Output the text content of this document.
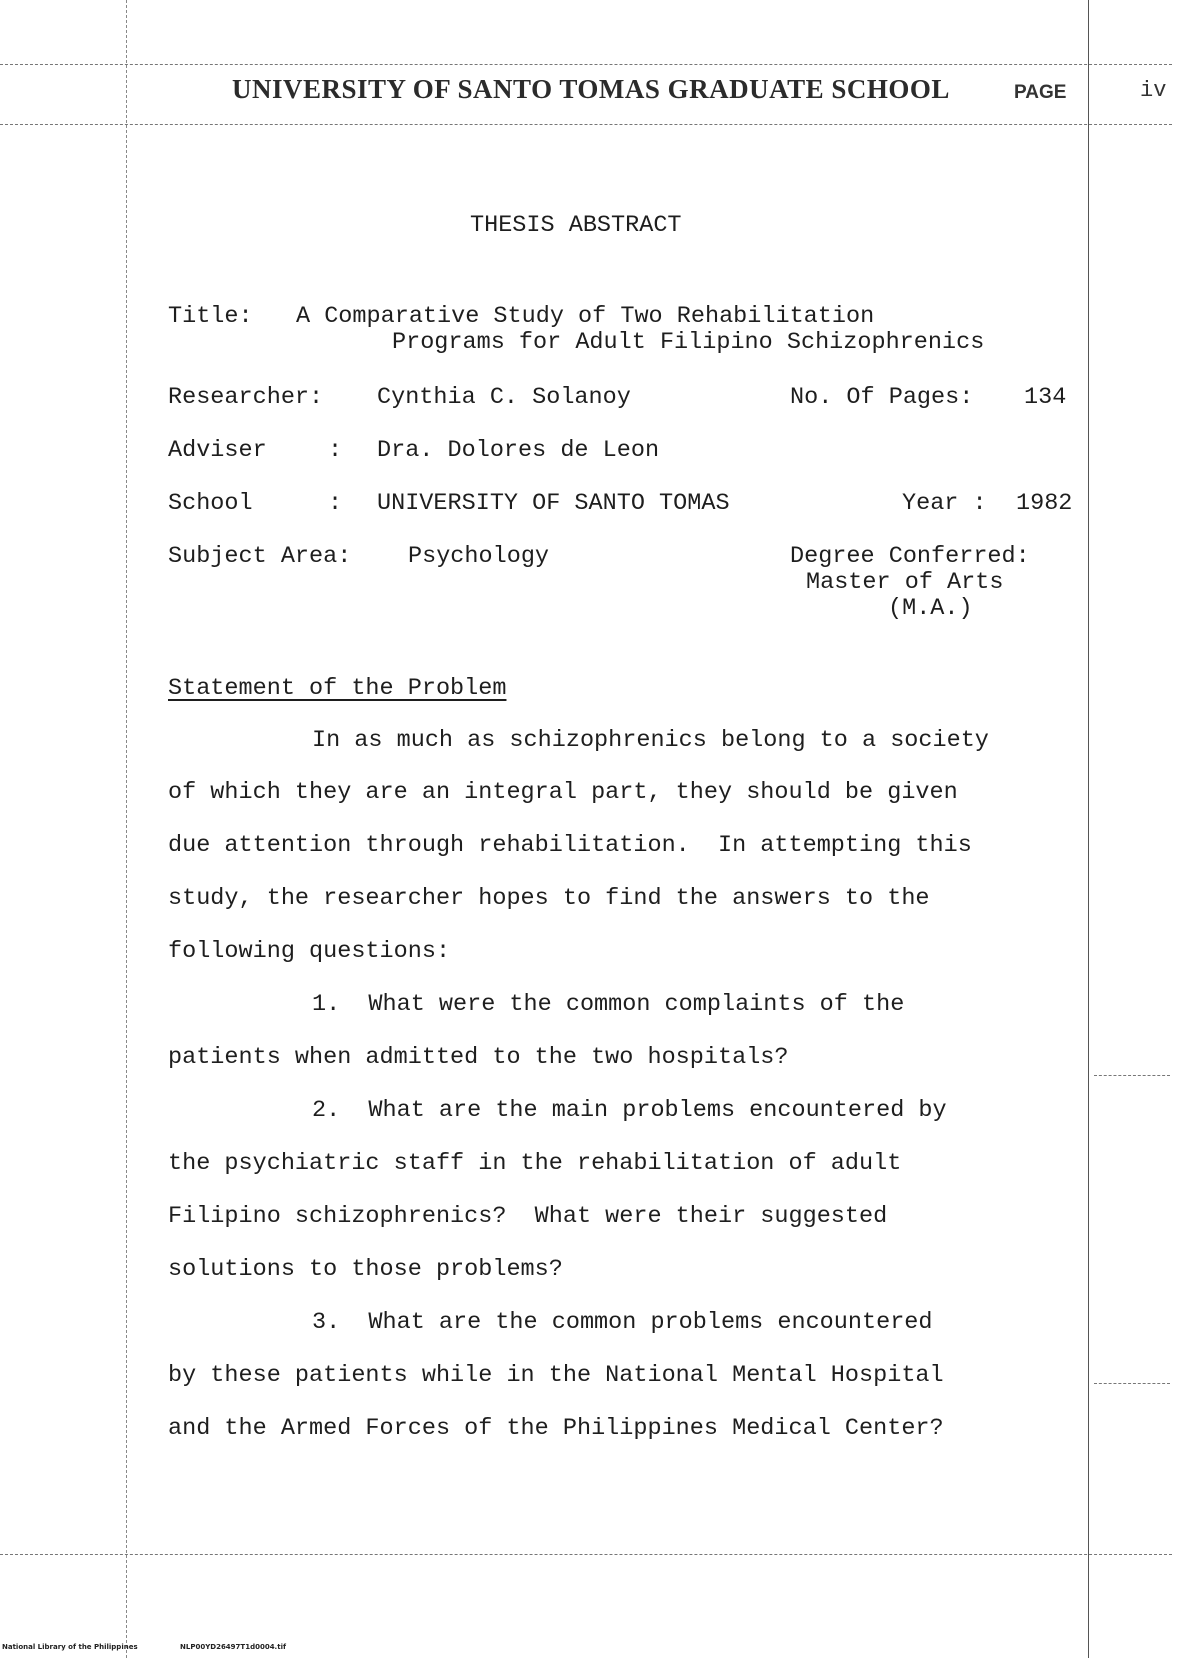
UNIVERSITY OF SANTO TOMAS GRADUATE SCHOOL	PAGE	iv
THESIS ABSTRACT
Title: A Comparative Study of Two Rehabilitation
Programs for Adult Filipino Schizophrenics
Researcher: Cynthia C. Solanoy	No. Of Pages: 134
Adviser	: Dra. Dolores de Leon
School	: UNIVERSITY OF SANTO TOMAS	Year : 1982
Subject Area: Psychology	Degree Conferred:
Master of Arts
(M.A.)
Statement of the Problem
In as much as schizophrenics belong to a society
of which they are an integral part, they should be given
due attention through rehabilitation.  In attempting this
study, the researcher hopes to find the answers to the
following questions:
1.  What were the common complaints of the
patients when admitted to the two hospitals?
2.  What are the main problems encountered by
the psychiatric staff in the rehabilitation of adult
Filipino schizophrenics?  What were their suggested
solutions to those problems?
3.  What are the common problems encountered
by these patients while in the National Mental Hospital
and the Armed Forces of the Philippines Medical Center?
National Library of the Philippines	NLP00YD26497T1d0004.tif
